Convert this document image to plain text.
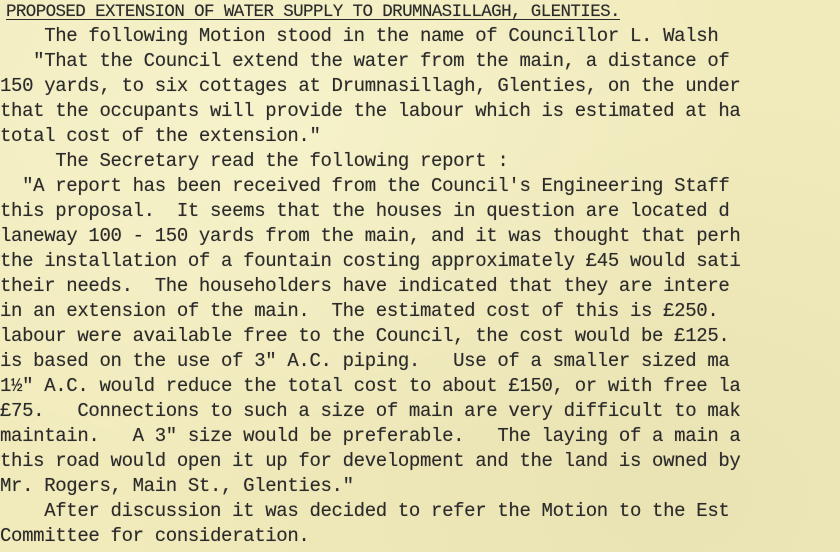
PROPOSED EXTENSION OF WATER SUPPLY TO DRUMNASILLAGH, GLENTIES.
The following Motion stood in the name of Councillor L. Walsh
"That the Council extend the water from the main, a distance of
150 yards, to six cottages at Drumnasillagh, Glenties, on the under
that the occupants will provide the labour which is estimated at ha
total cost of the extension."
The Secretary read the following report :
"A report has been received from the Council's Engineering Staff
this proposal.  It seems that the houses in question are located d
laneway 100 - 150 yards from the main, and it was thought that perh
the installation of a fountain costing approximately £45 would sati
their needs.  The householders have indicated that they are intere
in an extension of the main.  The estimated cost of this is £250.
labour were available free to the Council, the cost would be £125.
is based on the use of 3" A.C. piping.   Use of a smaller sized ma
1½" A.C. would reduce the total cost to about £150, or with free la
£75.   Connections to such a size of main are very difficult to mak
maintain.   A 3" size would be preferable.   The laying of a main a
this road would open it up for development and the land is owned by
Mr. Rogers, Main St., Glenties."
After discussion it was decided to refer the Motion to the Est
Committee for consideration.
